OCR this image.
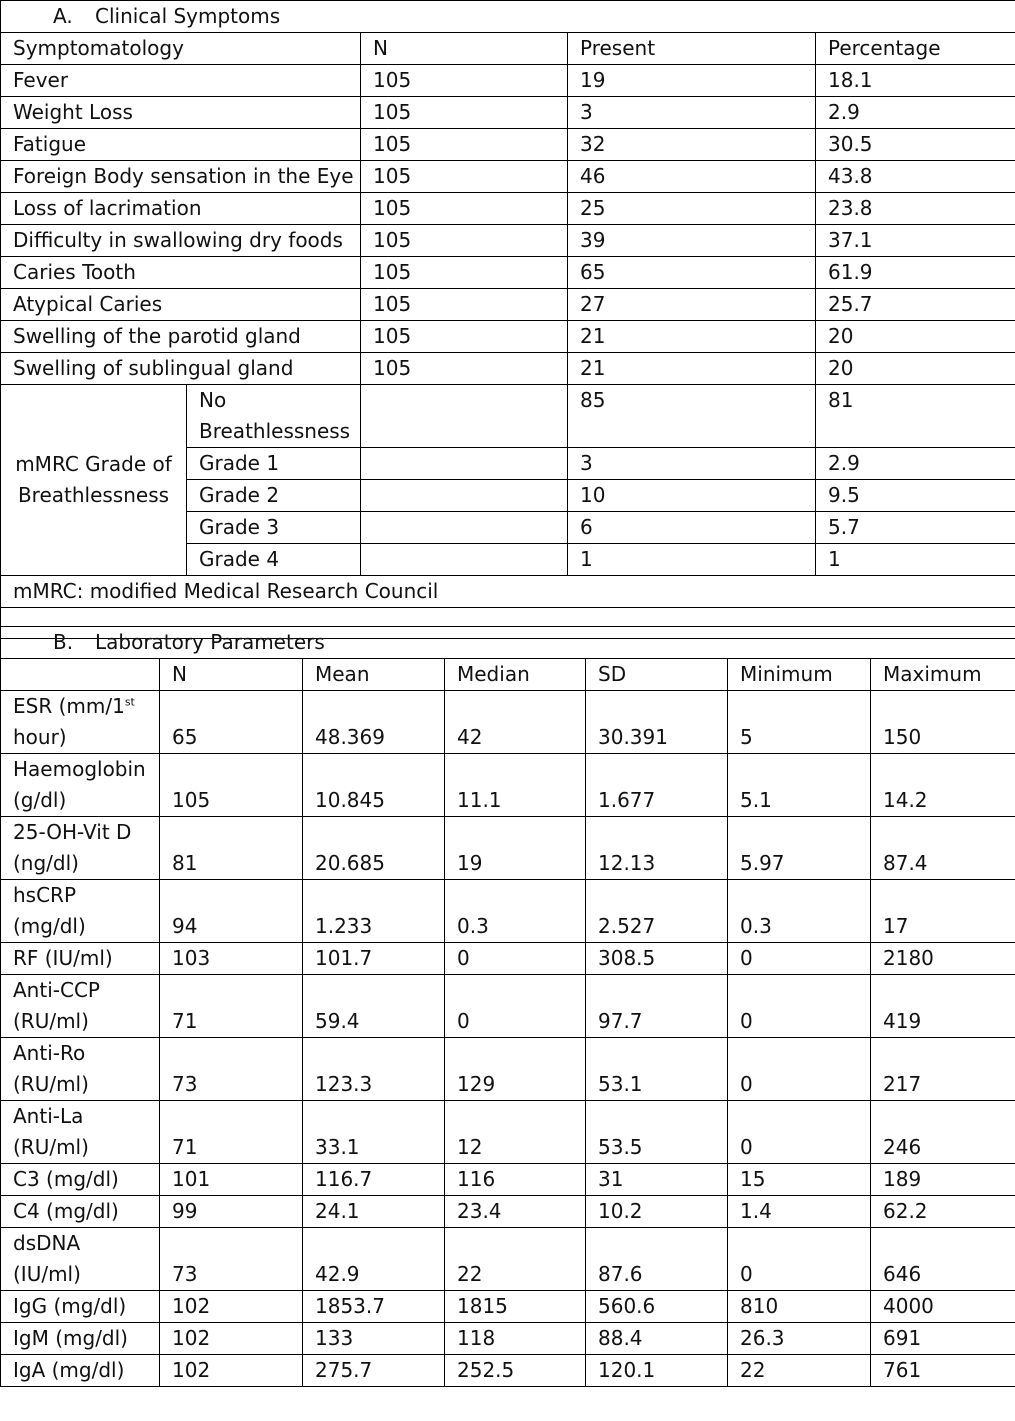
A. Clinical Symptoms				
Symptomatology		N	Present	Percentage
Fever		105	19	18.1
Weight Loss		105	3	2.9
Fatigue		105	32	30.5
Foreign Body sensation in the Eye		105	46	43.8
Loss of lacrimation		105	25	23.8
Difficulty in swallowing dry foods		105	39	37.1
Caries Tooth		105	65	61.9
Atypical Caries		105	27	25.7
Swelling of the parotid gland		105	21	20
Swelling of sublingual gland		105	21	20
mMRC Grade of Breathlessness	No Breathlessness		85	81
	Grade 1		3	2.9
	Grade 2		10	9.5
	Grade 3		6	5.7
	Grade 4		1	1
mMRC: modified Medical Research Council				

B. Laboratory Parameters						
	N	Mean	Median	SD	Minimum	Maximum

ESR (mm/1st
hour)	65	48.369	42	30.391	5	150

Haemoglobin
(g/dl)	105	10.845	11.1	1.677	5.1	14.2

25-OH-Vit D
(ng/dl)	81	20.685	19	12.13	5.97	87.4

hsCRP
(mg/dl)	94	1.233	0.3	2.527	0.3	17
RF (IU/ml)	103	101.7	0	308.5	0	2180

Anti-CCP
(RU/ml)	71	59.4	0	97.7	0	419

Anti-Ro
(RU/ml)	73	123.3	129	53.1	0	217

Anti-La
(RU/ml)	71	33.1	12	53.5	0	246
C3 (mg/dl)	101	116.7	116	31	15	189
C4 (mg/dl)	99	24.1	23.4	10.2	1.4	62.2

dsDNA
(IU/ml)	73	42.9	22	87.6	0	646
IgG (mg/dl)	102	1853.7	1815	560.6	810	4000
IgM (mg/dl)	102	133	118	88.4	26.3	691
IgA (mg/dl)	102	275.7	252.5	120.1	22	761
